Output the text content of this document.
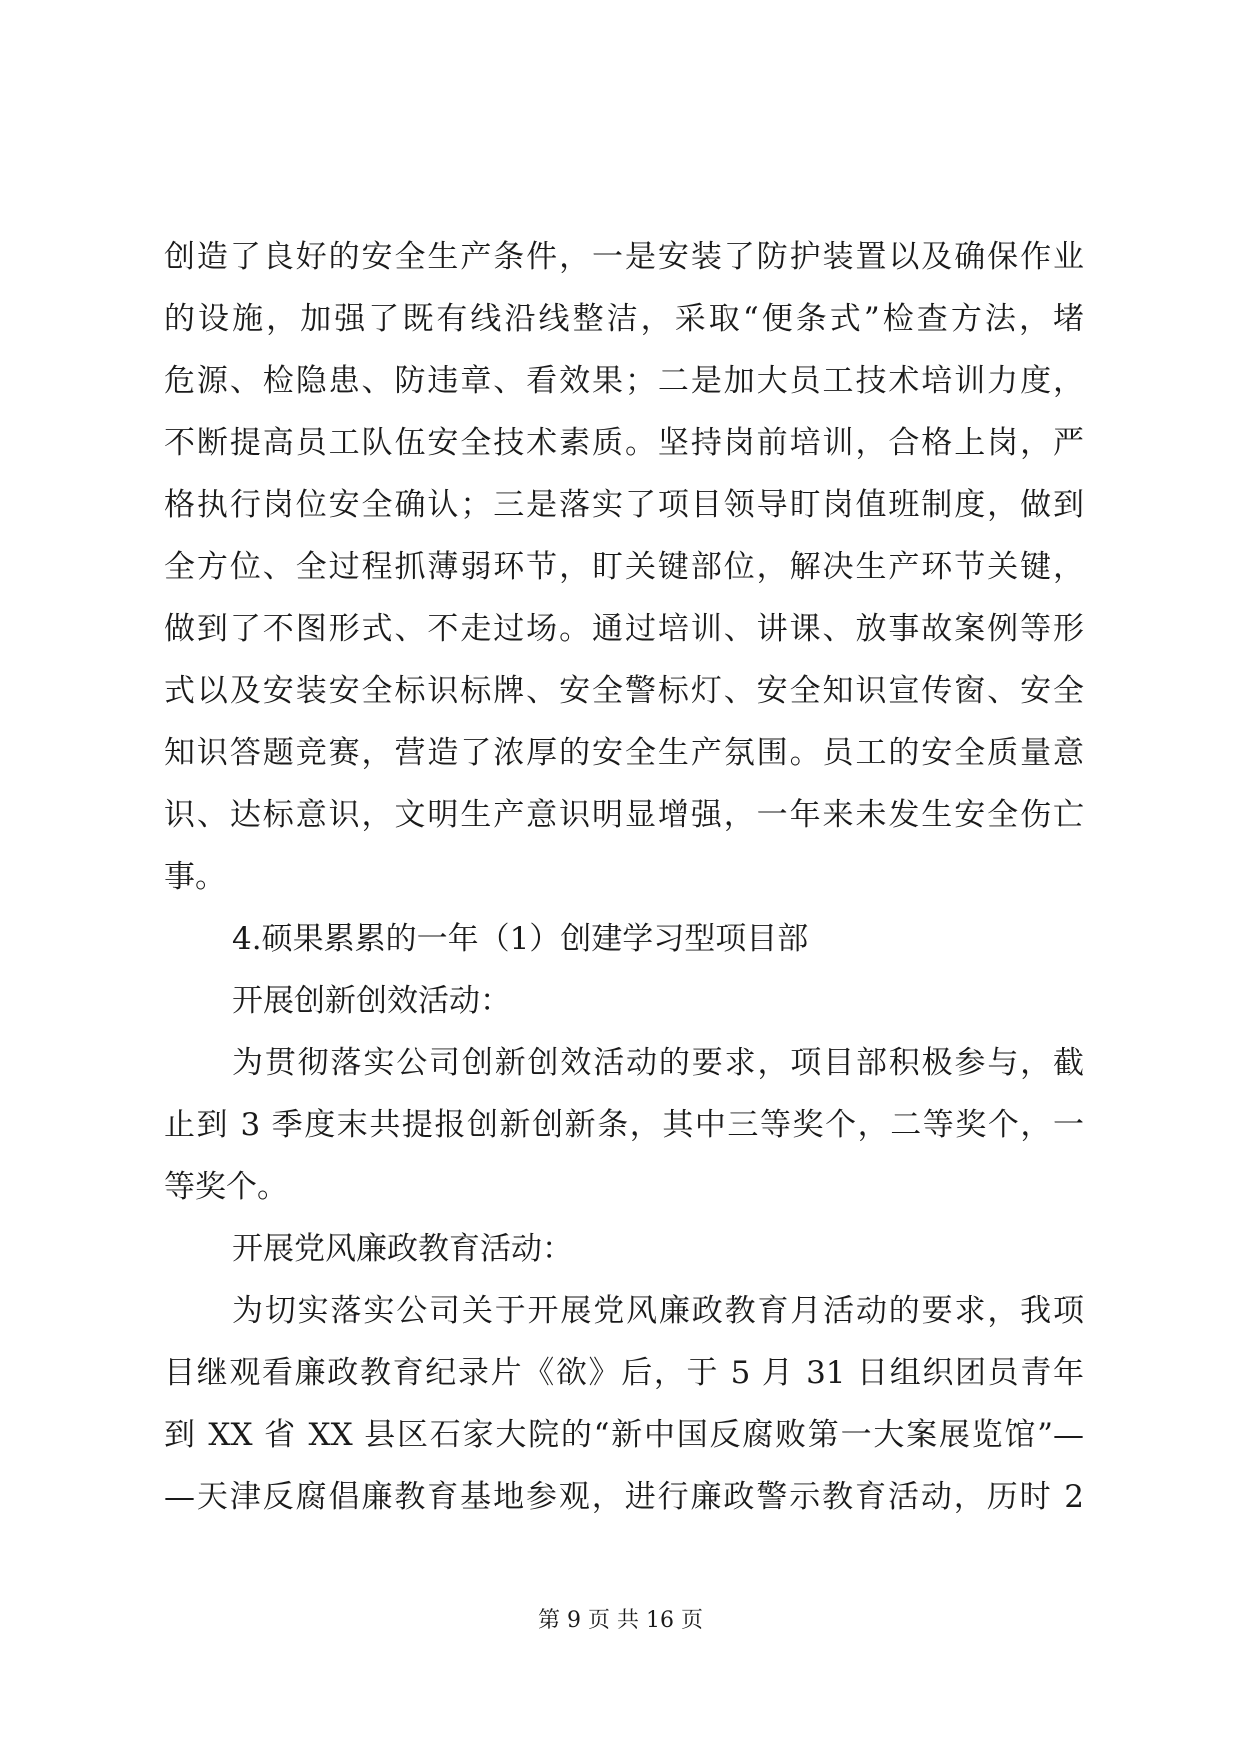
创造了良好的安全生产条件，一是安装了防护装置以及确保作业
的设施，加强了既有线沿线整洁，采取“便条式”检查方法，堵
危源、检隐患、防违章、看效果；二是加大员工技术培训力度，
不断提高员工队伍安全技术素质。坚持岗前培训，合格上岗，严
格执行岗位安全确认；三是落实了项目领导盯岗值班制度，做到
全方位、全过程抓薄弱环节，盯关键部位，解决生产环节关键，
做到了不图形式、不走过场。通过培训、讲课、放事故案例等形
式以及安装安全标识标牌、安全警标灯、安全知识宣传窗、安全
知识答题竞赛，营造了浓厚的安全生产氛围。员工的安全质量意
识、达标意识，文明生产意识明显增强，一年来未发生安全伤亡
事。
4.硕果累累的一年（1）创建学习型项目部
开展创新创效活动：
为贯彻落实公司创新创效活动的要求，项目部积极参与，截
止到 3 季度末共提报创新创新条，其中三等奖个，二等奖个，一
等奖个。
开展党风廉政教育活动：
为切实落实公司关于开展党风廉政教育月活动的要求，我项
目继观看廉政教育纪录片《欲》后，于 5 月 31 日组织团员青年
到 XX 省 XX 县区石家大院的“新中国反腐败第一大案展览馆”—
—天津反腐倡廉教育基地参观，进行廉政警示教育活动，历时 2
第 9 页 共 16 页
